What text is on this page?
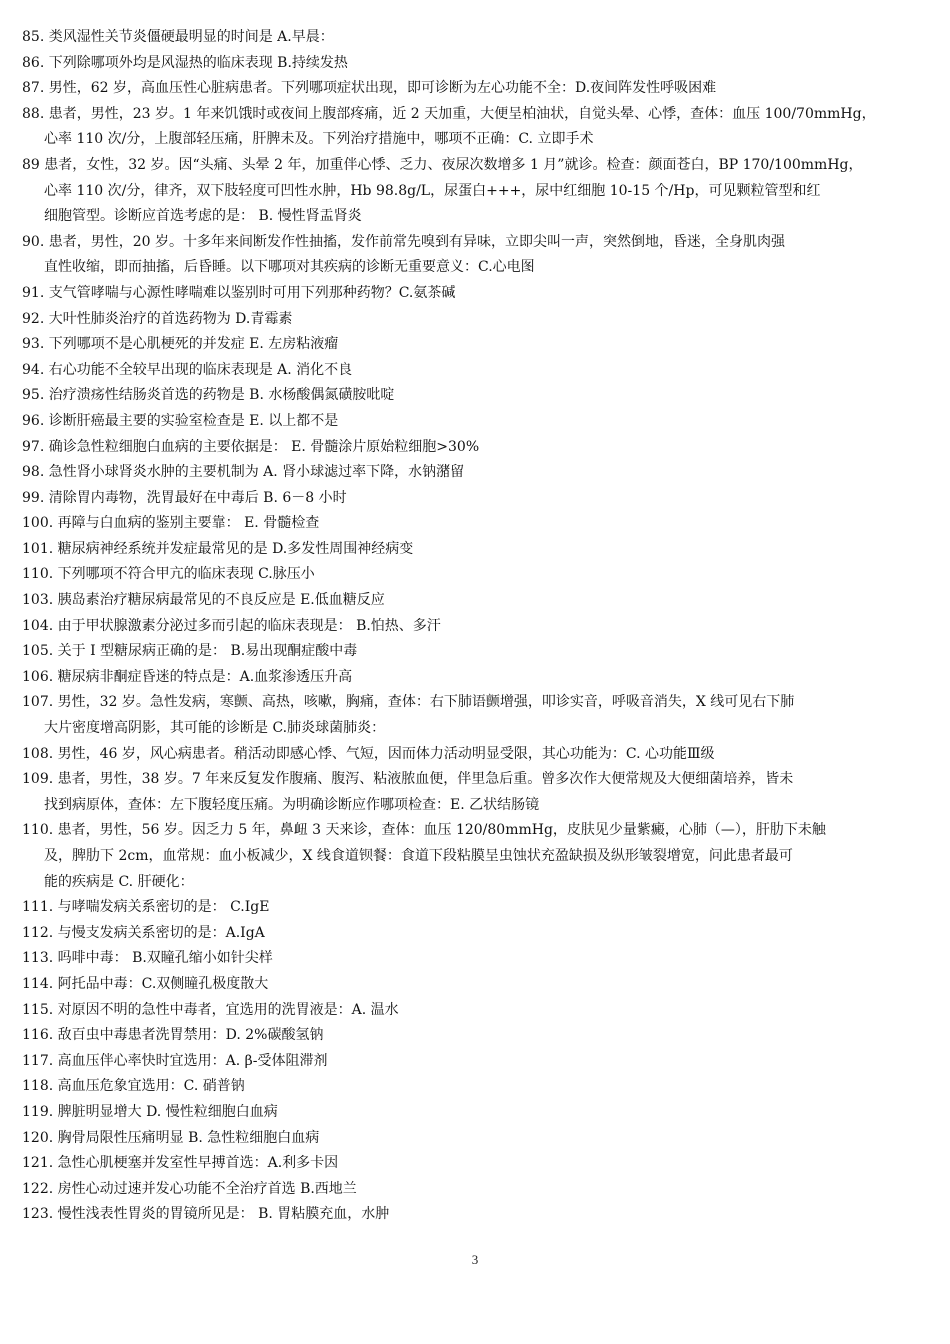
85. 类风湿性关节炎僵硬最明显的时间是 A.早晨：
86. 下列除哪项外均是风湿热的临床表现 B.持续发热
87. 男性，62 岁，高血压性心脏病患者。下列哪项症状出现，即可诊断为左心功能不全：D.夜间阵发性呼吸困难
88. 患者，男性，23 岁。1 年来饥饿时或夜间上腹部疼痛，近 2 天加重，大便呈柏油状，自觉头晕、心悸，查体：血压 100/70mmHg，
心率 110 次/分，上腹部轻压痛，肝脾未及。下列治疗措施中，哪项不正确：C. 立即手术
89 患者，女性，32 岁。因“头痛、头晕 2 年，加重伴心悸、乏力、夜尿次数增多 1 月”就诊。检查：颜面苍白，BP 170/100mmHg，
心率 110 次/分，律齐，双下肢轻度可凹性水肿，Hb 98.8g/L，尿蛋白+++，尿中红细胞 10-15 个/Hp，可见颗粒管型和红
细胞管型。诊断应首选考虑的是： B. 慢性肾盂肾炎
90. 患者，男性，20 岁。十多年来间断发作性抽搐，发作前常先嗅到有异味，立即尖叫一声，突然倒地，昏迷，全身肌肉强
直性收缩，即而抽搐，后昏睡。以下哪项对其疾病的诊断无重要意义：C.心电图
91. 支气管哮喘与心源性哮喘难以鉴别时可用下列那种药物？C.氨茶碱
92. 大叶性肺炎治疗的首选药物为 D.青霉素
93. 下列哪项不是心肌梗死的并发症 E. 左房粘液瘤
94. 右心功能不全较早出现的临床表现是 A. 消化不良
95. 治疗溃疡性结肠炎首选的药物是 B. 水杨酸偶氮磺胺吡啶
96. 诊断肝癌最主要的实验室检查是 E. 以上都不是
97. 确诊急性粒细胞白血病的主要依据是： E. 骨髓涂片原始粒细胞>30%
98. 急性肾小球肾炎水肿的主要机制为 A. 肾小球滤过率下降，水钠潴留
99. 清除胃内毒物，洗胃最好在中毒后 B. 6－8 小时
100. 再障与白血病的鉴别主要靠： E. 骨髓检查
101. 糖尿病神经系统并发症最常见的是 D.多发性周围神经病变
110. 下列哪项不符合甲亢的临床表现 C.脉压小
103. 胰岛素治疗糖尿病最常见的不良反应是 E.低血糖反应
104. 由于甲状腺激素分泌过多而引起的临床表现是： B.怕热、多汗
105. 关于 I 型糖尿病正确的是： B.易出现酮症酸中毒
106. 糖尿病非酮症昏迷的特点是：A.血浆渗透压升高
107. 男性，32 岁。急性发病，寒颤、高热，咳嗽，胸痛，查体：右下肺语颤增强，叩诊实音，呼吸音消失，X 线可见右下肺
大片密度增高阴影，其可能的诊断是 C.肺炎球菌肺炎：
108. 男性，46 岁，风心病患者。稍活动即感心悸、气短，因而体力活动明显受限，其心功能为：C. 心功能Ⅲ级
109. 患者，男性，38 岁。7 年来反复发作腹痛、腹泻、粘液脓血便，伴里急后重。曾多次作大便常规及大便细菌培养，皆未
找到病原体，查体：左下腹轻度压痛。为明确诊断应作哪项检查：E. 乙状结肠镜
110. 患者，男性，56 岁。因乏力 5 年，鼻衄 3 天来诊，查体：血压 120/80mmHg，皮肤见少量紫癜，心肺（—），肝肋下未触
及，脾肋下 2cm，血常规：血小板减少，X 线食道钡餐：食道下段粘膜呈虫蚀状充盈缺损及纵形皱裂增宽，问此患者最可
能的疾病是 C. 肝硬化：
111. 与哮喘发病关系密切的是： C.IgE
112. 与慢支发病关系密切的是：A.IgA
113. 吗啡中毒： B.双瞳孔缩小如针尖样
114. 阿托品中毒：C.双侧瞳孔极度散大
115. 对原因不明的急性中毒者，宜选用的洗胃液是：A. 温水
116. 敌百虫中毒患者洗胃禁用：D. 2%碳酸氢钠
117. 高血压伴心率快时宜选用：A. β-受体阻滞剂
118. 高血压危象宜选用：C. 硝普钠
119. 脾脏明显增大 D. 慢性粒细胞白血病
120. 胸骨局限性压痛明显 B. 急性粒细胞白血病
121. 急性心肌梗塞并发室性早搏首选：A.利多卡因
122. 房性心动过速并发心功能不全治疗首选 B.西地兰
123. 慢性浅表性胃炎的胃镜所见是： B. 胃粘膜充血，水肿
3
